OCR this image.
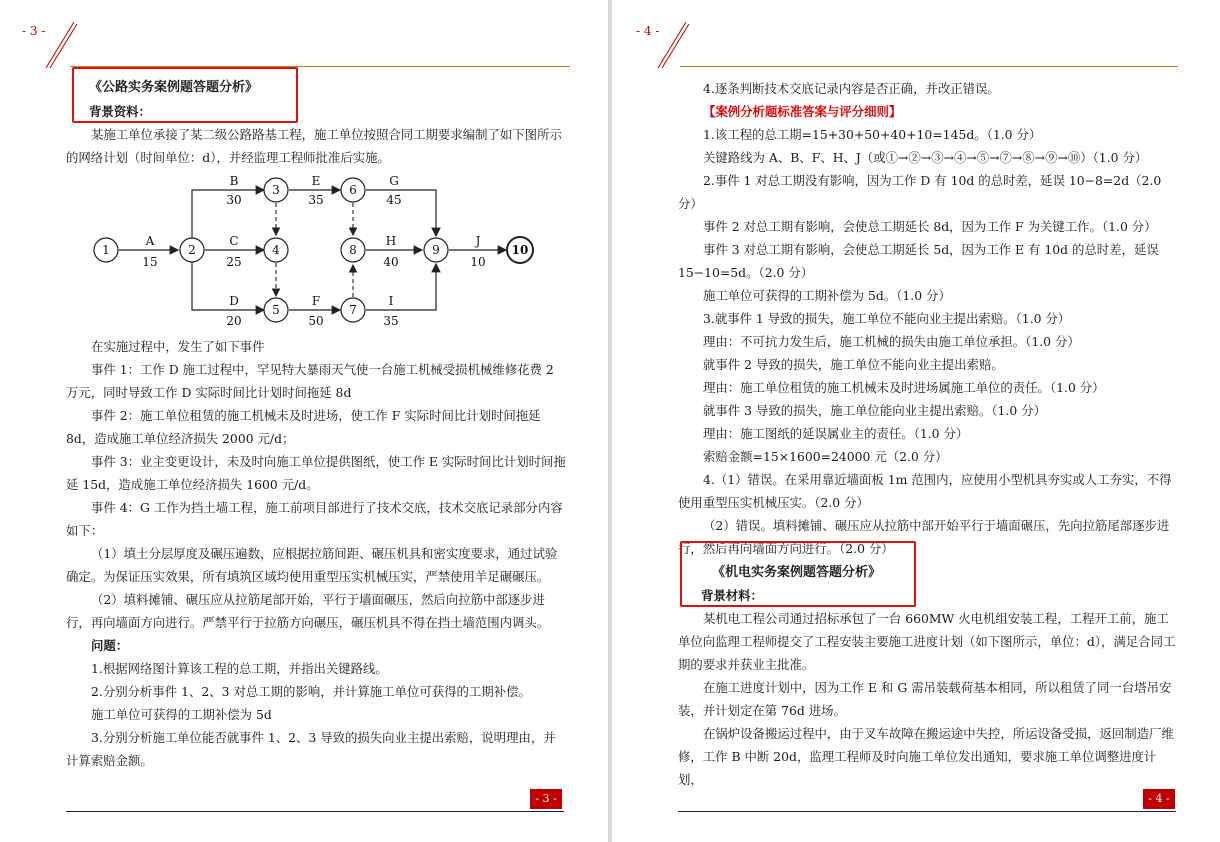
- 3 -
《公路实务案例题答题分析》
背景资料：

某施工单位承接了某二级公路路基工程，施工单位按照合同工期要求编制了如下图所示的网络计划（时间单位：d），并经监理工程师批准后实施。

1	2
3
4
5
6
7
8	9	10
A
15
B
30
C
25
D
20
E
35
F
50
G
45
H
40
I
35
J
10

在实施过程中，发生了如下事件

事件 1：工作 D 施工过程中，罕见特大暴雨天气使一台施工机械受损机械维修花费 2 万元，同时导致工作 D 实际时间比计划时间拖延 8d

事件 2：施工单位租赁的施工机械未及时进场，使工作 F 实际时间比计划时间拖延 8d，造成施工单位经济损失 2000 元/d；

事件 3：业主变更设计，未及时向施工单位提供图纸，使工作 E 实际时间比计划时间拖延 15d，造成施工单位经济损失 1600 元/d。

事件 4：G 工作为挡土墙工程，施工前项目部进行了技术交底，技术交底记录部分内容如下：

（1）填土分层厚度及碾压遍数，应根据拉筋间距、碾压机具和密实度要求，通过试验确定。为保证压实效果，所有填筑区域均使用重型压实机械压实，严禁使用羊足碾碾压。

（2）填料摊铺、碾压应从拉筋尾部开始，平行于墙面碾压，然后向拉筋中部逐步进行，再向墙面方向进行。严禁平行于拉筋方向碾压，碾压机具不得在挡土墙范围内调头。

问题：

1.根据网络图计算该工程的总工期，并指出关键路线。

2.分别分析事件 1、2、3 对总工期的影响，并计算施工单位可获得的工期补偿。

施工单位可获得的工期补偿为 5d

3.分别分析施工单位能否就事件 1、2、3 导致的损失向业主提出索赔，说明理由，并计算索赔金额。

- 3 -
- 4 -

4.逐条判断技术交底记录内容是否正确，并改正错误。

【案例分析题标准答案与评分细则】

1.该工程的总工期=15+30+50+40+10=145d。（1.0 分）

关键路线为 A、B、F、H、J（或①→②→③→④→⑤→⑦→⑧→⑨→⑩）（1.0 分）

2.事件 1 对总工期没有影响，因为工作 D 有 10d 的总时差，延误 10−8=2d（2.0 分）

事件 2 对总工期有影响，会使总工期延长 8d，因为工作 F 为关键工作。（1.0 分）

事件 3 对总工期有影响，会使总工期延长 5d，因为工作 E 有 10d 的总时差，延误 15−10=5d。（2.0 分）

施工单位可获得的工期补偿为 5d。（1.0 分）

3.就事件 1 导致的损失，施工单位不能向业主提出索赔。（1.0 分）

理由：不可抗力发生后，施工机械的损失由施工单位承担。（1.0 分）

就事件 2 导致的损失，施工单位不能向业主提出索赔。

理由：施工单位租赁的施工机械未及时进场属施工单位的责任。（1.0 分）

就事件 3 导致的损失，施工单位能向业主提出索赔。（1.0 分）

理由：施工图纸的延误属业主的责任。（1.0 分）

索赔金额=15×1600=24000 元（2.0 分）

4.（1）错误。在采用靠近墙面板 1m 范围内，应使用小型机具夯实或人工夯实，不得使用重型压实机械压实。（2.0 分）

（2）错误。填料摊铺、碾压应从拉筋中部开始平行于墙面碾压，先向拉筋尾部逐步进行，然后再向墙面方向进行。（2.0 分）

《机电实务案例题答题分析》
背景材料：

某机电工程公司通过招标承包了一台 660MW 火电机组安装工程，工程开工前，施工单位向监理工程师提交了工程安装主要施工进度计划（如下图所示，单位：d），满足合同工期的要求并获业主批准。

在施工进度计划中，因为工作 E 和 G 需吊装载荷基本相同，所以租赁了同一台塔吊安装，并计划定在第 76d 进场。

在锅炉设备搬运过程中，由于叉车故障在搬运途中失控，所运设备受损，返回制造厂维修，工作 B 中断 20d，监理工程师及时向施工单位发出通知，要求施工单位调整进度计划，

- 4 -
